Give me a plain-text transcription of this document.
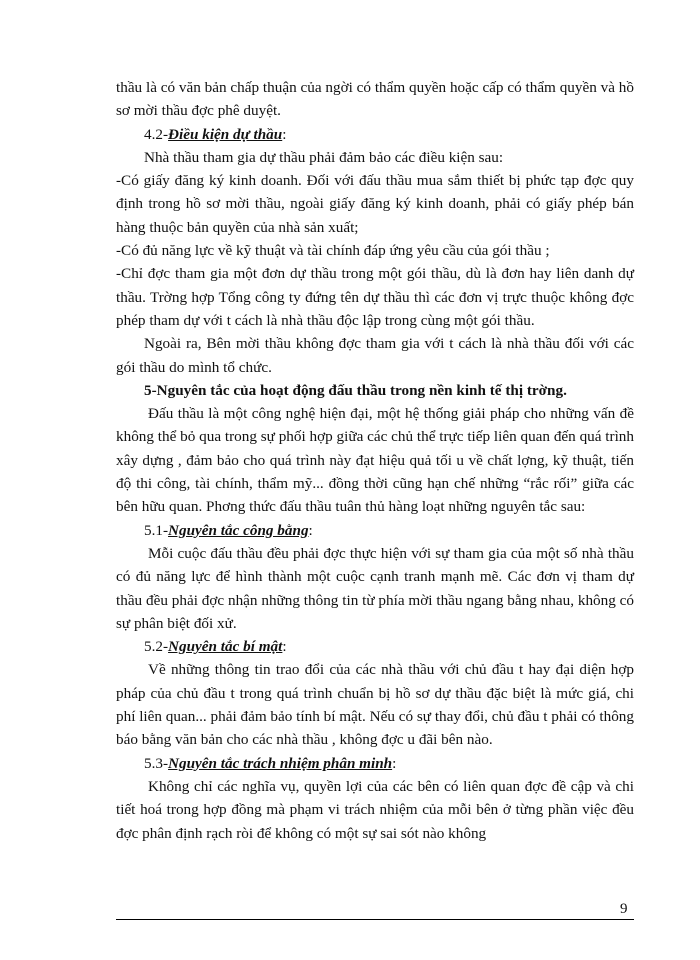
thầu là có văn bản chấp thuận của ngời có thẩm quyền hoặc cấp có thẩm quyền và hồ sơ mời thầu đợc phê duyệt.

4.2-Điều kiện dự thầu:

Nhà thầu tham gia dự thầu phải đảm bảo các điều kiện sau:

-Có giấy đăng ký kinh doanh. Đối với đấu thầu mua sắm thiết bị phức tạp đợc quy định trong hồ sơ mời thầu, ngoài giấy đăng ký kinh doanh, phải có giấy phép bán hàng thuộc bản quyền của nhà sản xuất;

-Có đủ năng lực về kỹ thuật và tài chính đáp ứng yêu cầu của gói thầu ;

-Chỉ đợc tham gia một đơn dự thầu trong một gói thầu, dù là đơn hay liên danh dự thầu. Trờng hợp Tổng công ty đứng tên dự thầu thì các đơn vị trực thuộc không đợc phép tham dự với t cách là nhà thầu độc lập trong cùng một gói thầu.

Ngoài ra, Bên mời thầu không đợc tham gia với t cách là nhà thầu đối với các gói thầu do mình tổ chức.

5-Nguyên tắc của hoạt động đấu thầu trong nền kinh tế thị trờng.

Đấu thầu là một công nghệ hiện đại, một hệ thống giải pháp cho những vấn đề không thể bỏ qua trong sự phối hợp giữa các chủ thể trực tiếp liên quan đến quá trình xây dựng , đảm bảo cho quá trình này đạt hiệu quả tối u về chất lợng, kỹ thuật, tiến độ thi công, tài chính, thẩm mỹ... đồng thời cũng hạn chế những “rắc rối” giữa các bên hữu quan. Phơng thức đấu thầu tuân thủ hàng loạt những nguyên tắc sau:

5.1-Nguyên tắc công bằng:

Mỗi cuộc đấu thầu đều phải đợc thực hiện với sự tham gia của một số nhà thầu có đủ năng lực để hình thành một cuộc cạnh tranh mạnh mẽ. Các đơn vị tham dự thầu đều phải đợc nhận những thông tin từ phía mời thầu ngang bằng nhau, không có sự phân biệt đối xử.

5.2-Nguyên tắc bí mật:

Về những thông tin trao đổi của các nhà thầu với chủ đầu t hay đại diện hợp pháp của chủ đầu t trong quá trình chuẩn bị hồ sơ dự thầu đặc biệt là mức giá, chi phí liên quan... phải đảm bảo tính bí mật. Nếu có sự thay đổi, chủ đầu t phải có thông báo bằng văn bản cho các nhà thầu , không đợc u đãi bên nào.

5.3-Nguyên tắc trách nhiệm phân minh:

Không chỉ các nghĩa vụ, quyền lợi của các bên có liên quan đợc đề cập và chi tiết hoá trong hợp đồng mà phạm vi trách nhiệm của mỗi bên ở từng phần việc đều đợc phân định rạch ròi để không có một sự sai sót nào không

9
